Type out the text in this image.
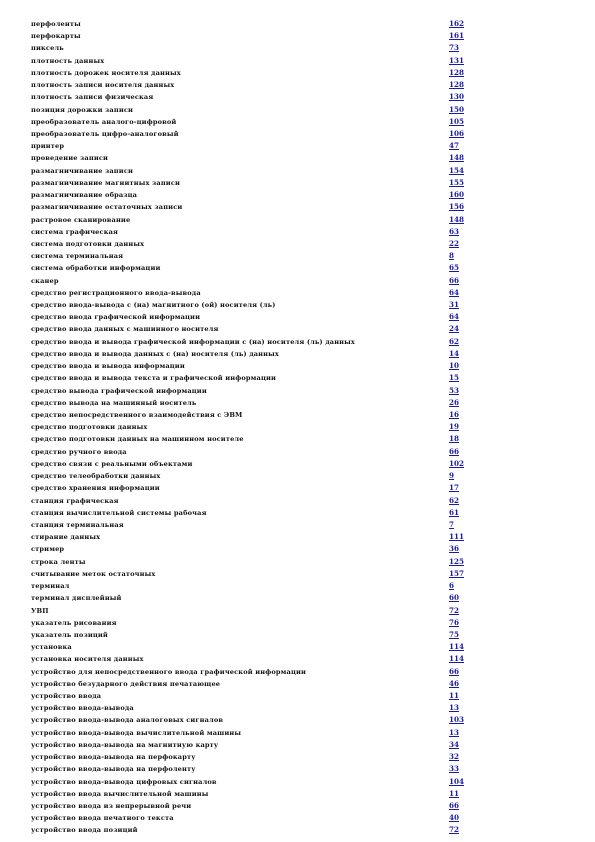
перфоленты	162
перфокарты	161
пиксель	73
плотность данных	131
плотность дорожек носителя данных	128
плотность записи носителя данных	128
плотность записи физическая	130
позиция дорожки записи	150
преобразователь аналого-цифровой	105
преобразователь цифро-аналоговый	106
принтер	47
проведение записи	148
размагничивание записи	154
размагничивание магнитных записи	155
размагничивание образца	160
размагничивание остаточных записи	156
растровое сканирование	148
система графическая	63
система подготовки данных	22
система терминальная	8
система обработки информации	65
сканер	66
средство регистрационного ввода-вывода	64
средство ввода-вывода с (на) магнитного (ой) носителя (ль)	31
средство ввода графической информации	64
средство ввода данных с машинного носителя	24
средство ввода и вывода графической информации с (на) носителя (ль) данных	62
средство ввода и вывода данных с (на) носителя (ль) данных	14
средство ввода и вывода информации	10
средство ввода и вывода текста и графической информации	15
средство вывода графической информации	53
средство вывода на машинный носитель	26
средство непосредственного взаимодействия с ЭВМ	16
средство подготовки данных	19
средство подготовки данных на машинном носителе	18
средство ручного ввода	66
средство связи с реальными объектами	102
средство телеобработки данных	9
средство хранения информации	17
станция графическая	62
станция вычислительной системы рабочая	61
станция терминальная	7
стирание данных	111
стример	36
строка ленты	125
считывание меток остаточных	157
терминал	6
терминал дисплейный	60
УВП	72
указатель рисования	76
указатель позиций	75
установка	114
установка носителя данных	114
устройство для непосредственного ввода графической информации	66
устройство безударного действия печатающее	46
устройство ввода	11
устройство ввода-вывода	13
устройство ввода-вывода аналоговых сигналов	103
устройство ввода-вывода вычислительной машины	13
устройство ввода-вывода на магнитную карту	34
устройство ввода-вывода на перфокарту	32
устройство ввода-вывода на перфоленту	33
устройство ввода-вывода цифровых сигналов	104
устройство ввода вычислительной машины	11
устройство ввода из непрерывной речи	66
устройство ввода печатного текста	40
устройство ввода позиций	72
